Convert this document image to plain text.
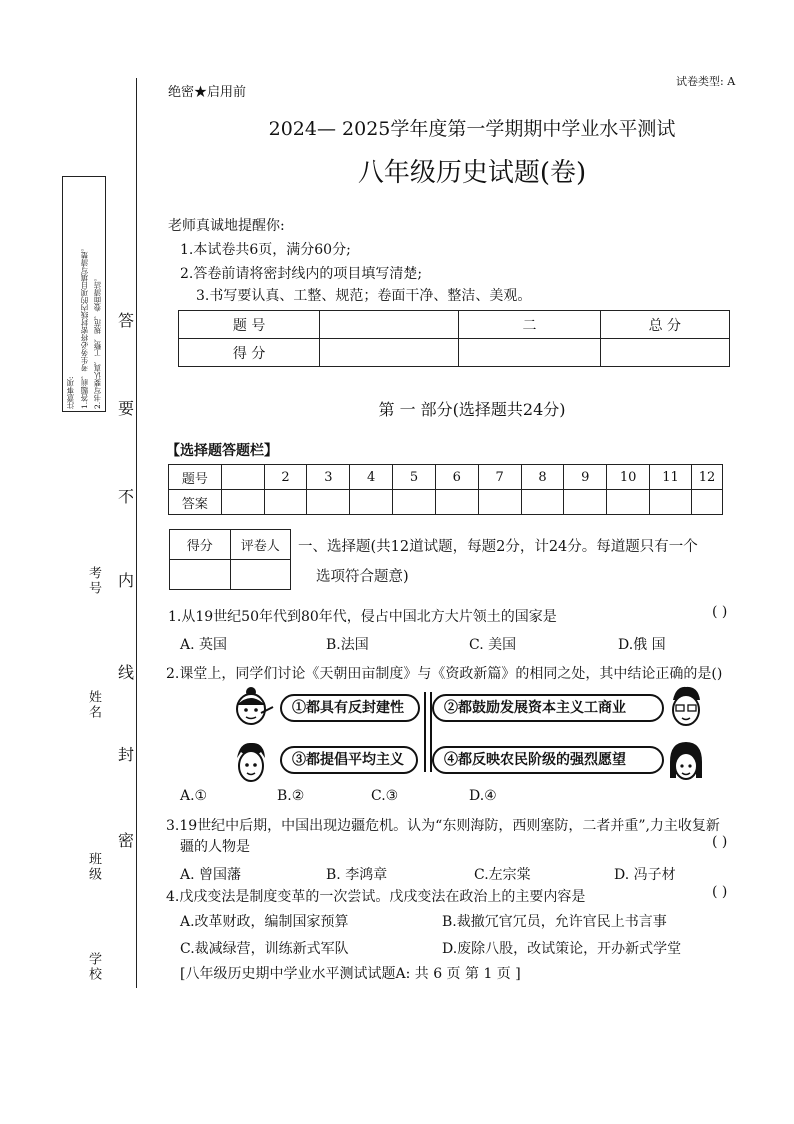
注意事项: 1.答题前，考生务必将密封线内的项目填写清楚。 2.书写要认真、工整、规范，卷面清洁。
学校
班级
姓名
考号
答
要
不
内
线
封
密
绝密★启用前
试卷类型: A
2024— 2025学年度第一学期期中学业水平测试
八年级历史试题(卷)
老师真诚地提醒你:
1.本试卷共6页，满分60分;
2.答卷前请将密封线内的项目填写清楚;
3.书写要认真、工整、规范；卷面干净、整洁、美观。
题 号		二	总 分
得 分			
第 一 部分(选择题共24分)
【选择题答题栏】
题号		2	3	4	5	6	7	8	9	10	11	12
答案												
得分	评卷人
	一、选择题(共12道试题，每题2分，计24分。每道题只有一个
选项符合题意)
1.从19世纪50年代到80年代，侵占中国北方大片领土的国家是	( )
A. 英国	B.法国	C. 美国	D.俄 国
2.课堂上，同学们讨论《天朝田亩制度》与《资政新篇》的相同之处，其中结论正确的是()
①都具有反封建性	②都鼓励发展资本主义工商业
③都提倡平均主义	④都反映农民阶级的强烈愿望
A.①	B.②	C.③	D.④
3.19世纪中后期，中国出现边疆危机。认为“东则海防，西则塞防，二者并重”,力主收复新
疆的人物是	( )
A. 曾国藩	B. 李鸿章	C.左宗棠	D. 冯子材
4.戊戌变法是制度变革的一次尝试。戊戌变法在政治上的主要内容是	( )
A.改革财政，编制国家预算	B.裁撤冗官冗员，允许官民上书言事
C.裁减绿营，训练新式军队	D.废除八股，改试策论，开办新式学堂
[八年级历史期中学业水平测试试题A: 共 6 页 第 1 页 ]
